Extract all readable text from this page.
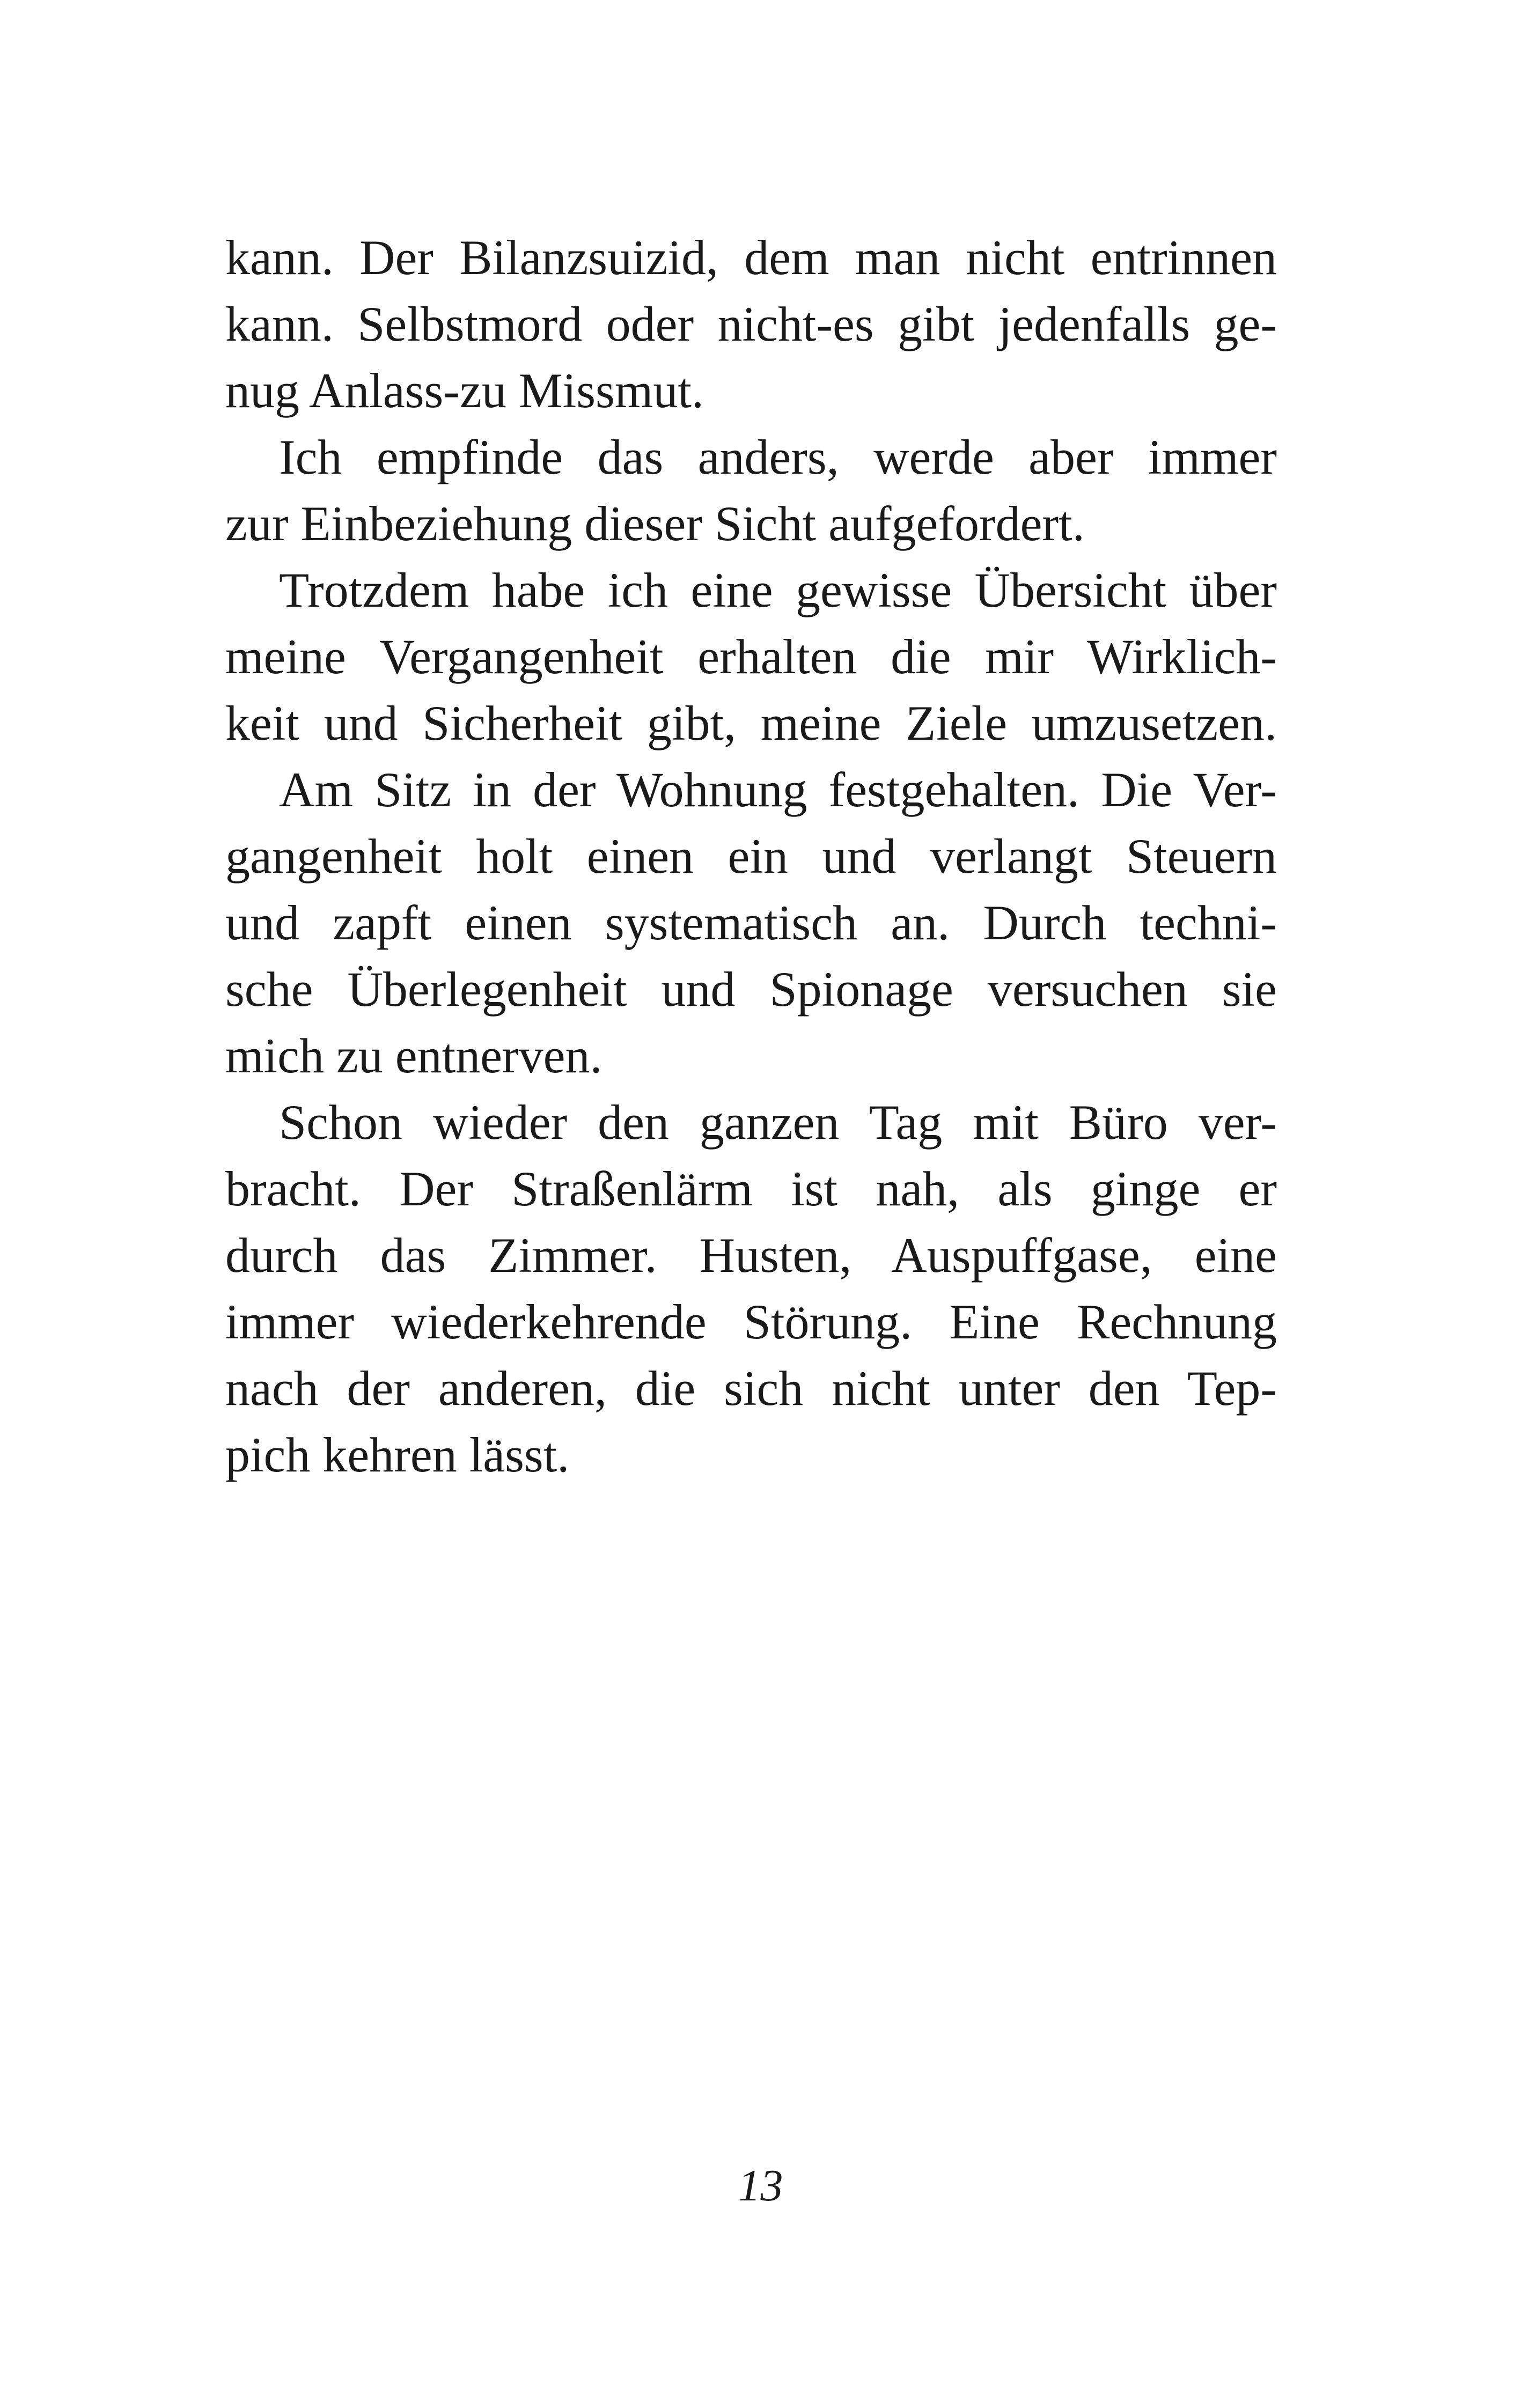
kann. Der Bilanzsuizid, dem man nicht entrinnen
kann. Selbstmord oder nicht-es gibt jedenfalls ge-
nug Anlass-zu Missmut.

Ich empfinde das anders, werde aber immer
zur Einbeziehung dieser Sicht aufgefordert.

Trotzdem habe ich eine gewisse Übersicht über
meine Vergangenheit erhalten die mir Wirklich-
keit und Sicherheit gibt, meine Ziele umzusetzen.

Am Sitz in der Wohnung festgehalten. Die Ver-
gangenheit holt einen ein und verlangt Steuern
und zapft einen systematisch an. Durch techni-
sche Überlegenheit und Spionage versuchen sie
mich zu entnerven.

Schon wieder den ganzen Tag mit Büro ver-
bracht. Der Straßenlärm ist nah, als ginge er
durch das Zimmer. Husten, Auspuffgase, eine
immer wiederkehrende Störung. Eine Rechnung
nach der anderen, die sich nicht unter den Tep-
pich kehren lässt.

13
